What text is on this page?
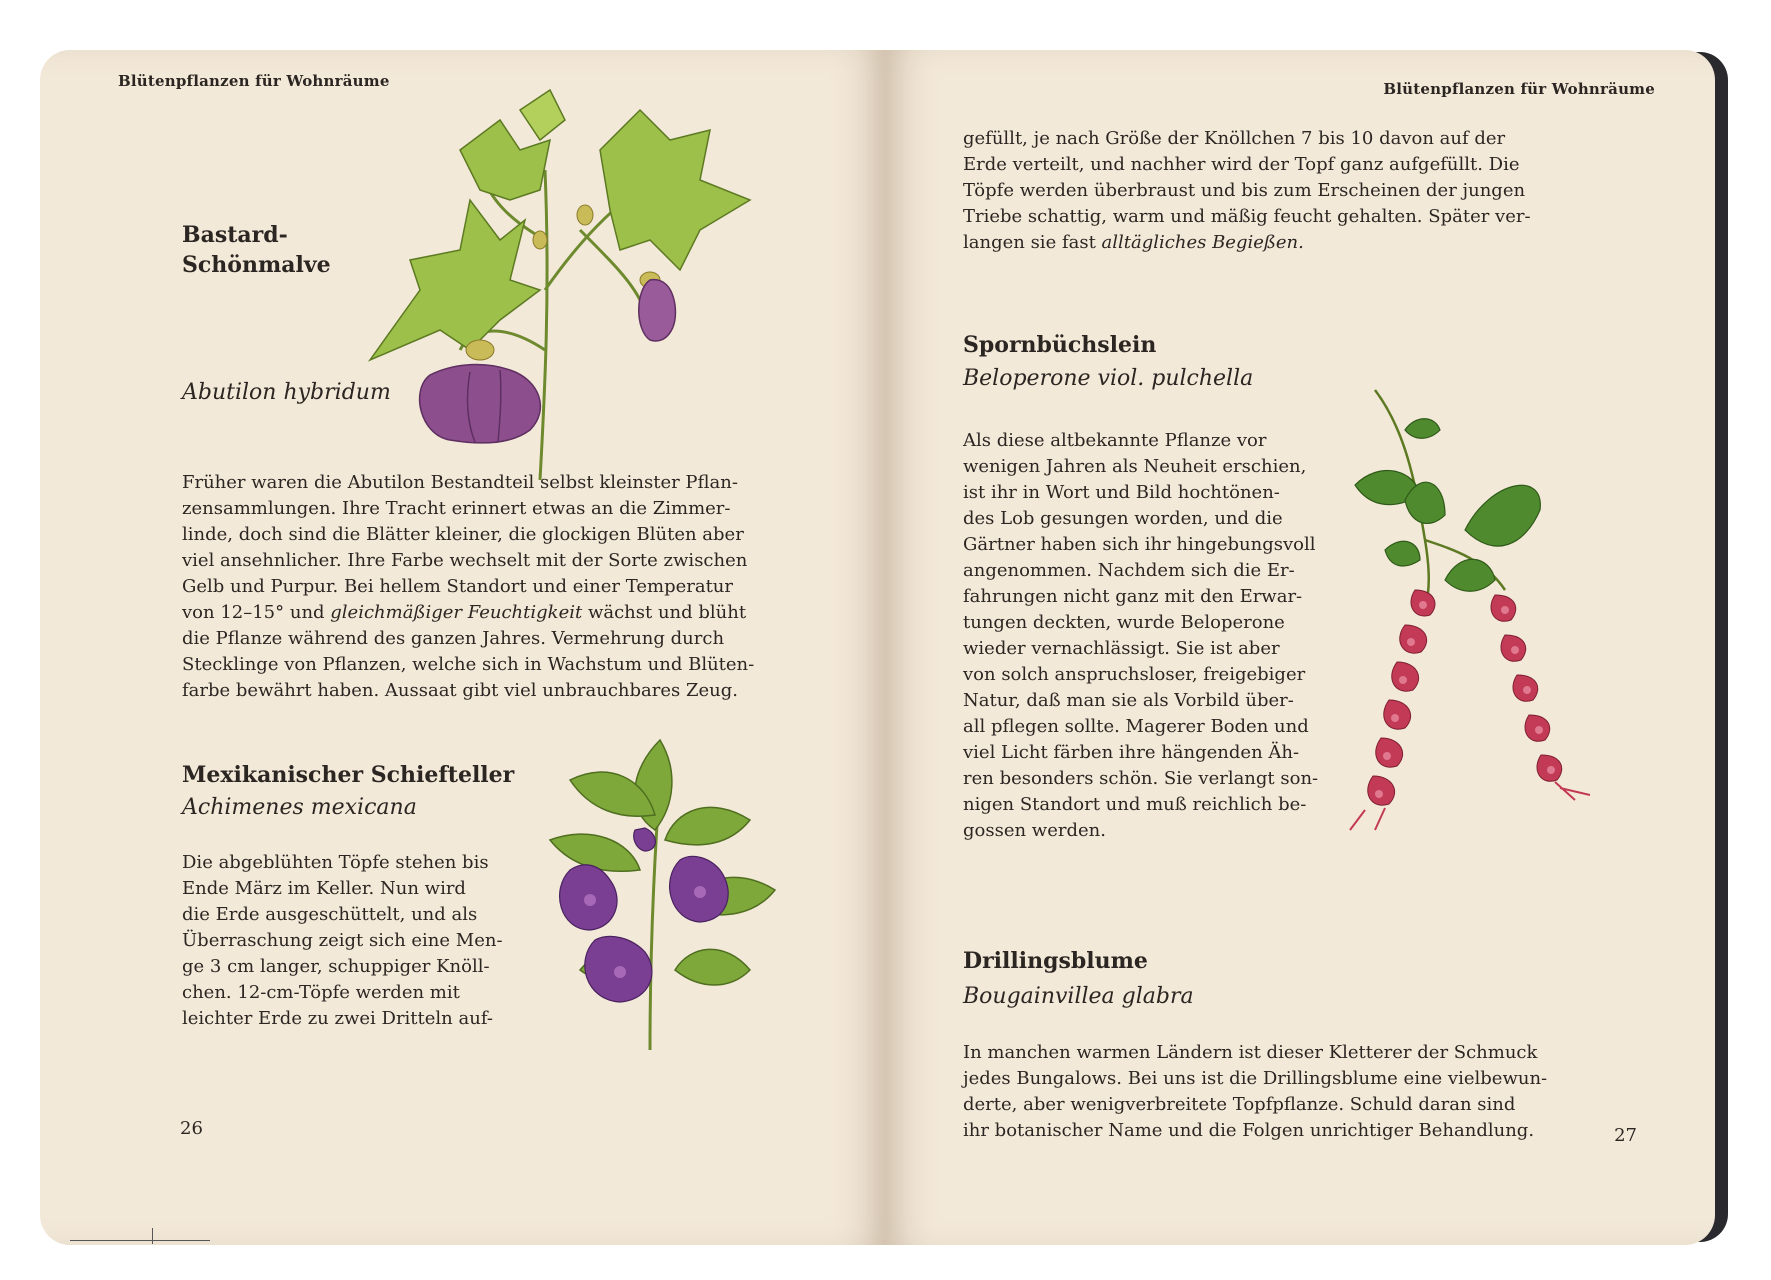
Blütenpflanzen für Wohnräume
Bastard-
Schönmalve
Abutilon hybridum
Früher waren die Abutilon Bestandteil selbst kleinster Pflan-
zensammlungen. Ihre Tracht erinnert etwas an die Zimmer-
linde, doch sind die Blätter kleiner, die glockigen Blüten aber
viel ansehnlicher. Ihre Farbe wechselt mit der Sorte zwischen
Gelb und Purpur. Bei hellem Standort und einer Temperatur
von 12–15° und gleichmäßiger Feuchtigkeit wächst und blüht
die Pflanze während des ganzen Jahres. Vermehrung durch
Stecklinge von Pflanzen, welche sich in Wachstum und Blüten-
farbe bewährt haben. Aussaat gibt viel unbrauchbares Zeug.
Mexikanischer Schiefteller
Achimenes mexicana
Die abgeblühten Töpfe stehen bis
Ende März im Keller. Nun wird
die Erde ausgeschüttelt, und als
Überraschung zeigt sich eine Men-
ge 3 cm langer, schuppiger Knöll-
chen. 12-cm-Töpfe werden mit
leichter Erde zu zwei Dritteln auf-
26
Blütenpflanzen für Wohnräume
gefüllt, je nach Größe der Knöllchen 7 bis 10 davon auf der
Erde verteilt, und nachher wird der Topf ganz aufgefüllt. Die
Töpfe werden überbraust und bis zum Erscheinen der jungen
Triebe schattig, warm und mäßig feucht gehalten. Später ver-
langen sie fast alltägliches Begießen.
Spornbüchslein
Beloperone viol. pulchella
Als diese altbekannte Pflanze vor
wenigen Jahren als Neuheit erschien,
ist ihr in Wort und Bild hochtönen-
des Lob gesungen worden, und die
Gärtner haben sich ihr hingebungsvoll
angenommen. Nachdem sich die Er-
fahrungen nicht ganz mit den Erwar-
tungen deckten, wurde Beloperone
wieder vernachlässigt. Sie ist aber
von solch anspruchsloser, freigebiger
Natur, daß man sie als Vorbild über-
all pflegen sollte. Magerer Boden und
viel Licht färben ihre hängenden Äh-
ren besonders schön. Sie verlangt son-
nigen Standort und muß reichlich be-
gossen werden.
Drillingsblume
Bougainvillea glabra
In manchen warmen Ländern ist dieser Kletterer der Schmuck
jedes Bungalows. Bei uns ist die Drillingsblume eine vielbewun-
derte, aber wenigverbreitete Topfpflanze. Schuld daran sind
ihr botanischer Name und die Folgen unrichtiger Behandlung.	27
